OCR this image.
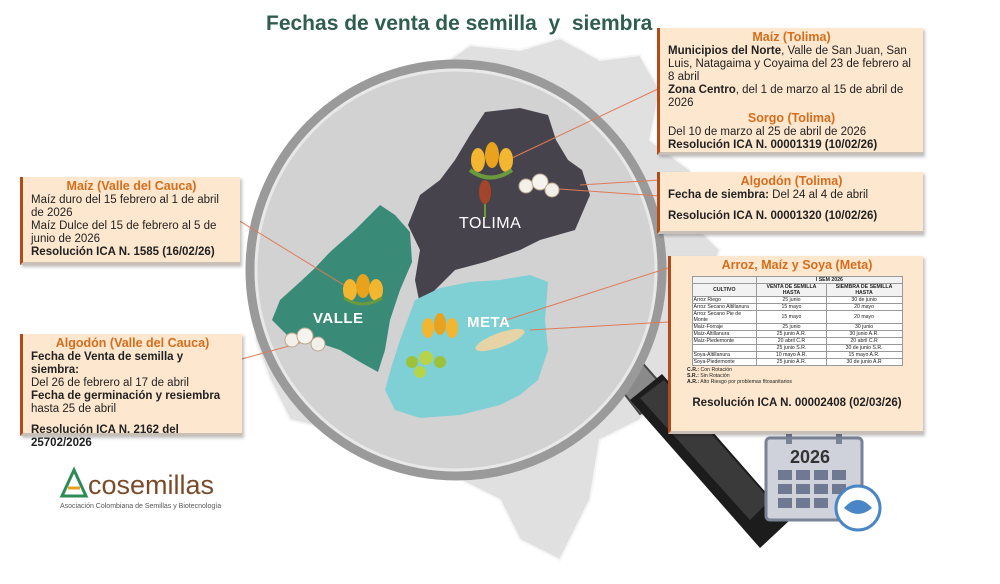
Fechas de venta de semilla  y  siembra
TOLIMA
VALLE	META
Maíz (Tolima)

Municipios del Norte, Valle de San Juan, San Luis, Natagaima y Coyaima del 23 de febrero al 8 abril

Zona Centro, del 1 de marzo al 15 de abril de 2026

Sorgo (Tolima)

Del 10 de marzo al 25 de abril de 2026

Resolución ICA N. 00001319 (10/02/26)

Algodón (Tolima)

Fecha de siembra: Del 24 al 4 de abril

Resolución ICA N. 00001320 (10/02/26)

Maíz (Valle del Cauca)

Maíz duro del 15 febrero al 1 de abril de 2026

Maíz Dulce del 15 de febrero al 5 de junio de 2026

Resolución ICA N. 1585 (16/02/26)

Algodón (Valle del Cauca)

Fecha de Venta de semilla y siembra:

Del 26 de febrero al 17 de abril

Fecha de germinación y resiembra

hasta 25 de abril

Resolución ICA N. 2162 del 25702/2026

Arroz, Maíz y Soya (Meta)
	I SEM 2026	
CULTIVO	VENTA DE SEMILLA HASTA	SIEMBRA DE SEMILLA HASTA
Arroz Riego	25 junio	30 de junio
Arroz Secano Altillanura	15 mayo	20 mayo
Arroz Secano Pie de Monte	15 mayo	20 mayo
Maíz-Forraje	25 junio	30 junio
Maíz-Altillanura	25 junio A.R.	30 junio A.R.
Maíz-Piedemonte	20 abril C.R	20 abril C.R
	25 junio S.R.	30 de junio S.R.
Soya-Altillanura	10 mayo A.R.	15 mayo A.R.
Soya-Piedemonte	25 junio A.R.	30 de junio A.R
C.R.: Con Rotación
S.R.: Sin Rotación
A.R.: Alto Riesgo por problemas fitosanitarios
Resolución ICA N. 00002408 (02/03/26)
cosemillas
Asociación Colombiana de Semillas y Biotecnología
2026
